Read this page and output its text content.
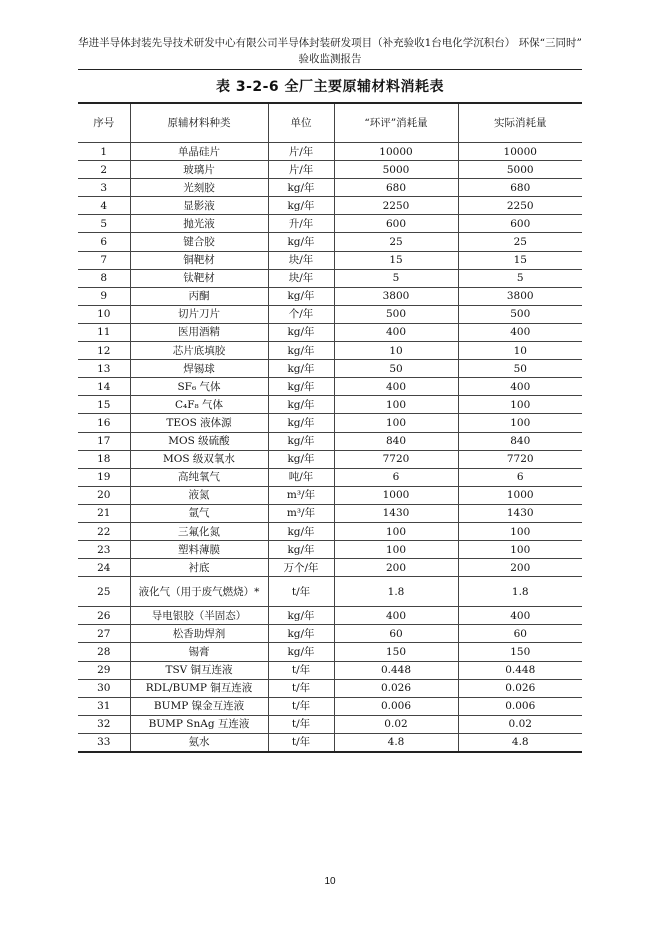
华进半导体封装先导技术研发中心有限公司半导体封装研发项目（补充验收1台电化学沉积台） 环保“三同时”
验收监测报告
表 3-2-6 全厂主要原辅材料消耗表
序号	原辅材料种类	单位	“环评”消耗量	实际消耗量
1	单晶硅片	片/年	10000	10000
2	玻璃片	片/年	5000	5000
3	光刻胶	kg/年	680	680
4	显影液	kg/年	2250	2250
5	抛光液	升/年	600	600
6	键合胶	kg/年	25	25
7	铜靶材	块/年	15	15
8	钛靶材	块/年	5	5
9	丙酮	kg/年	3800	3800
10	切片刀片	个/年	500	500
11	医用酒精	kg/年	400	400
12	芯片底填胶	kg/年	10	10
13	焊锡球	kg/年	50	50
14	SF₆ 气体	kg/年	400	400
15	C₄F₈ 气体	kg/年	100	100
16	TEOS 液体源	kg/年	100	100
17	MOS 级硫酸	kg/年	840	840
18	MOS 级双氧水	kg/年	7720	7720
19	高纯氧气	吨/年	6	6
20	液氮	m³/年	1000	1000
21	氩气	m³/年	1430	1430
22	三氟化氮	kg/年	100	100
23	塑料薄膜	kg/年	100	100
24	衬底	万个/年	200	200
25	液化气（用于废气燃烧）*	t/年	1.8	1.8
26	导电银胶（半固态）	kg/年	400	400
27	松香助焊剂	kg/年	60	60
28	锡膏	kg/年	150	150
29	TSV 铜互连液	t/年	0.448	0.448
30	RDL/BUMP 铜互连液	t/年	0.026	0.026
31	BUMP 镍金互连液	t/年	0.006	0.006
32	BUMP SnAg 互连液	t/年	0.02	0.02
33	氨水	t/年	4.8	4.8
10
